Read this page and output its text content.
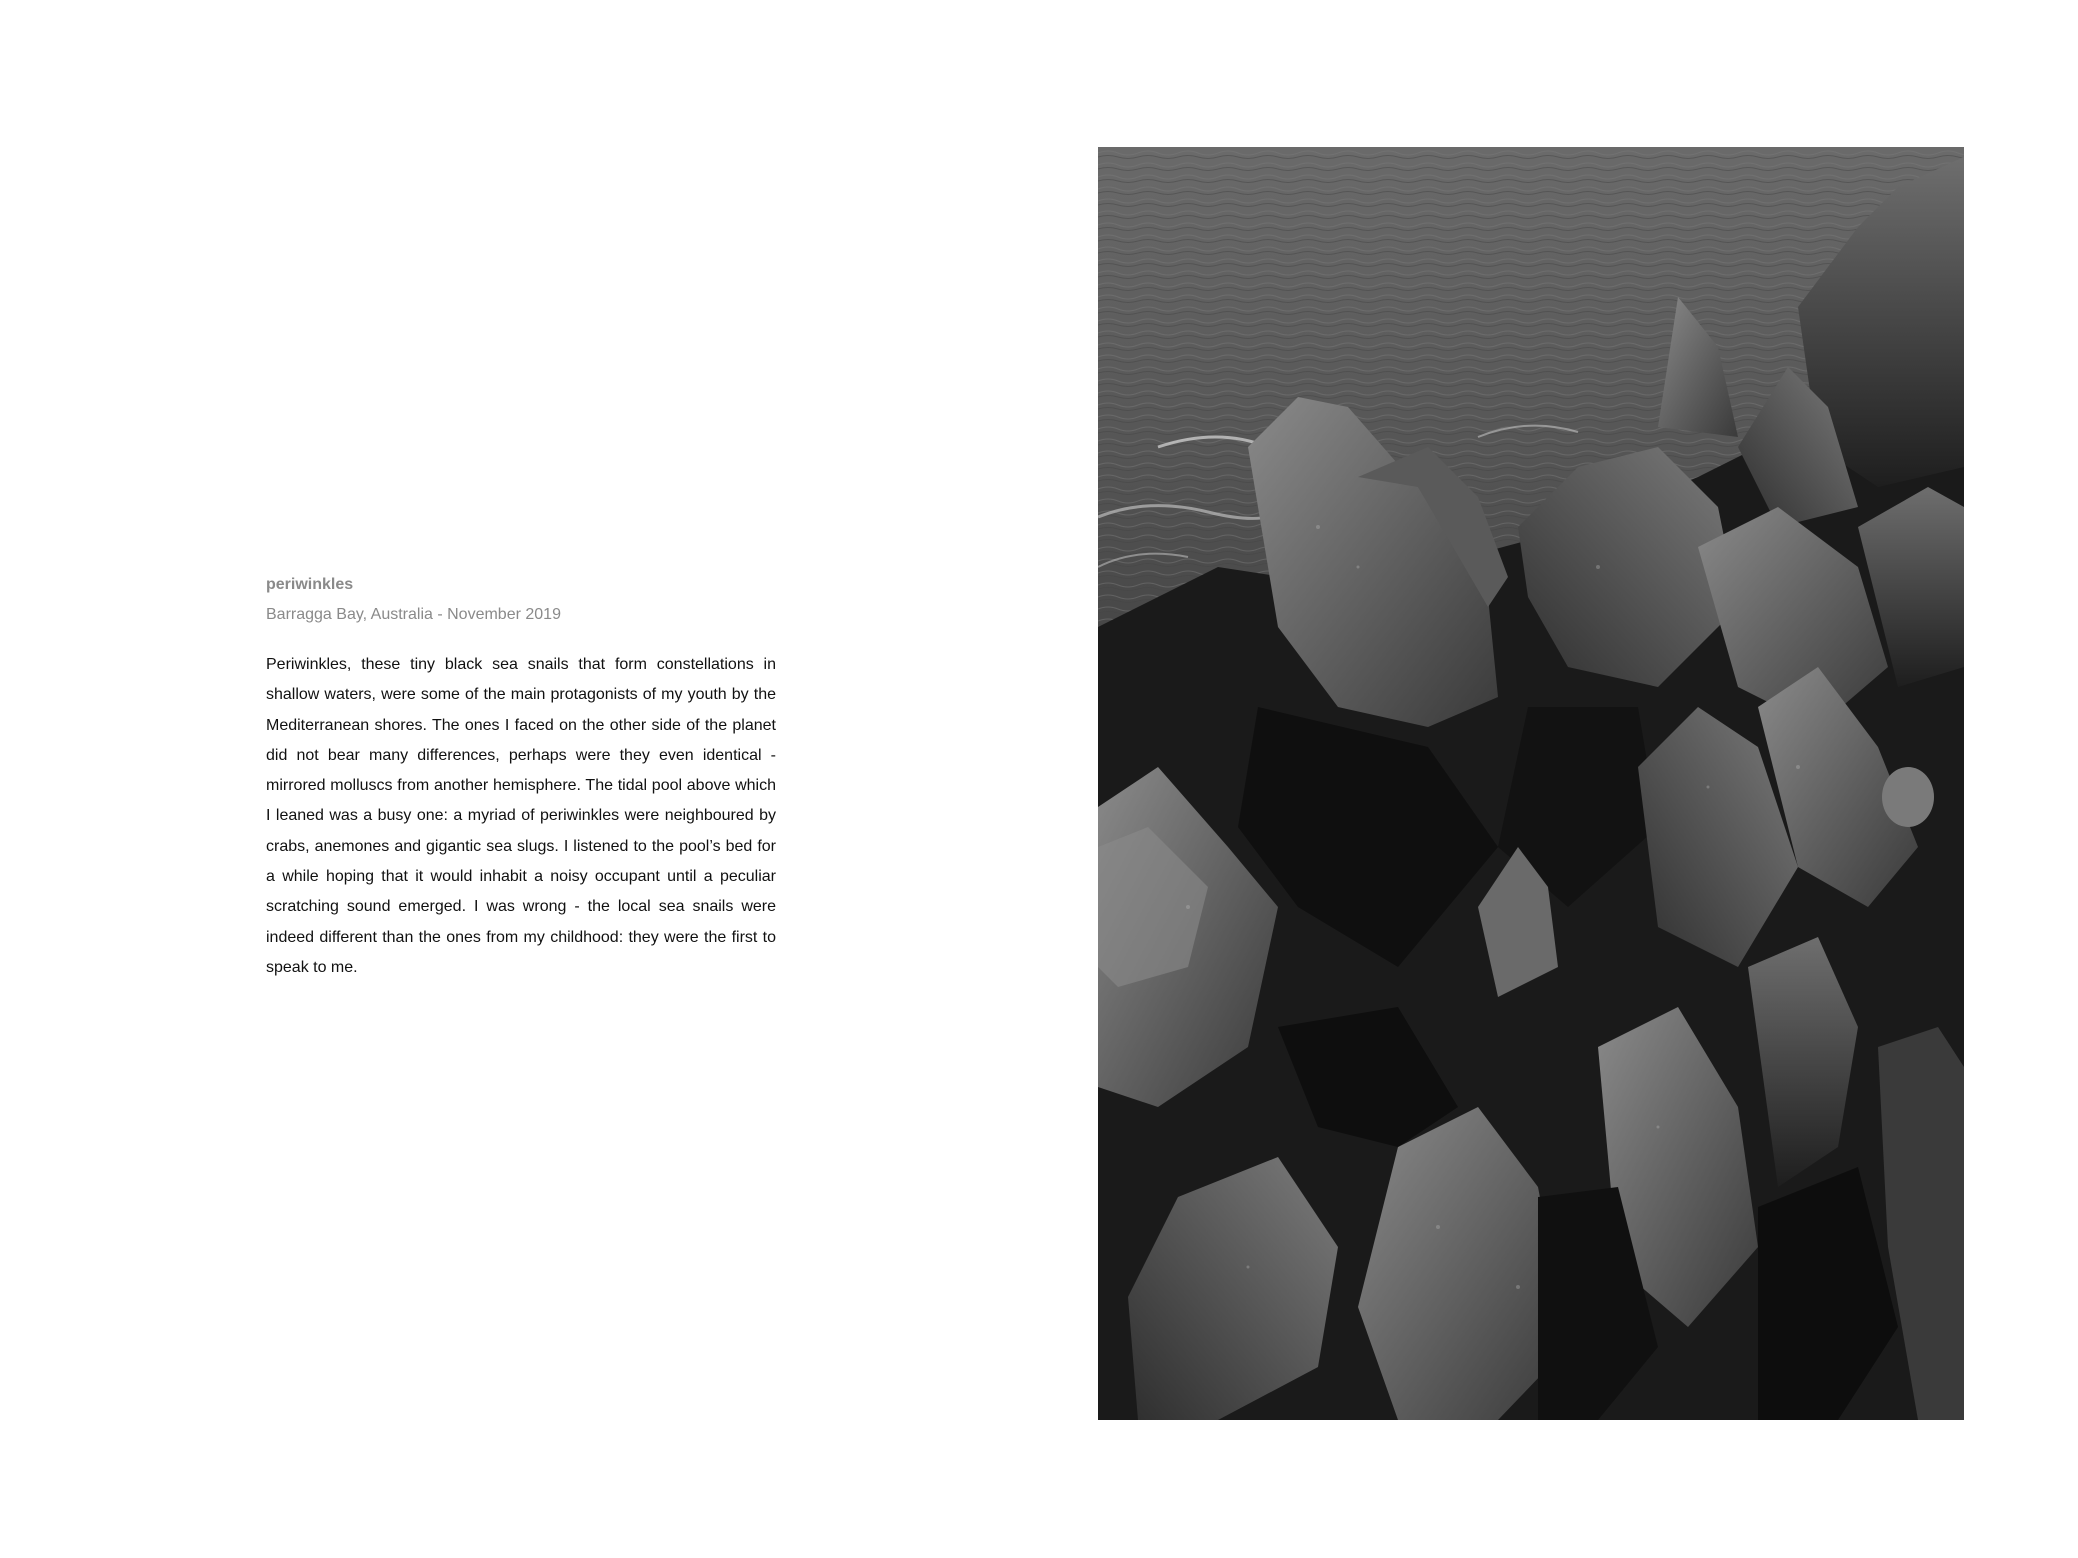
periwinkles

Barragga Bay, Australia - November 2019

Periwinkles, these tiny black sea snails that form constellations in shallow waters, were some of the main protagonists of my youth by the Mediterranean shores. The ones I faced on the other side of the planet did not bear many differences, perhaps were they even identical - mirrored molluscs from another hemisphere. The tidal pool above which I leaned was a busy one: a myriad of periwinkles were neighboured by crabs, anemones and gigantic sea slugs. I listened to the pool’s bed for a while hoping that it would inhabit a noisy occupant until a peculiar scratching sound emerged. I was wrong - the local sea snails were indeed different than the ones from my childhood: they were the first to speak to me.
